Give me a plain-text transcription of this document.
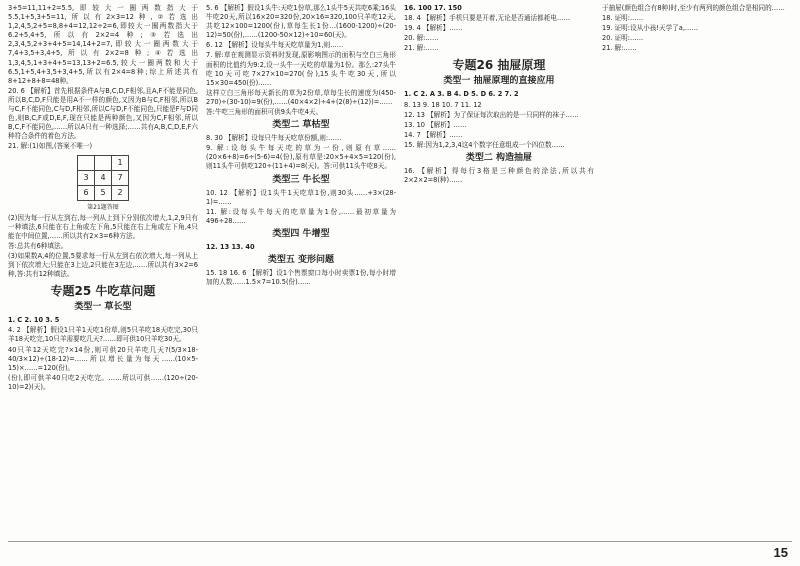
3+5=11,11+2=5.5,即较大一圈两数指大于5.5,1+5,3+5=11,所以有2×3=12种,②若选出1,2,4,5,2+5=8,8+4=12,12÷2=6,即较大一圈两数指大于6.2+5,4+5,所以有2×2=4种;③若选出2,3,4,5,2+3+4+5=14,14+2=7,即较大一圈两数大于7,4+3,5+3,4+5,所以有2×2=8种;④若选出1,3,4,5,1+3+4+5=13,13+2=6.5,较大一圈两数和大于6.5,1+5,4+3,5+3,4+5,所以有2×4=8种;综上所述共有8+12+8+8=48种。

20. 6 【解析】首先根据条件A与B,C,D,F相邻,且A,F不能是同色,所以B,C,D,F只能是用A不一样的颜色,又因为B与C,F相邻,所以B与C,F不能同色,C与D,F相邻,所以C与D,F不能同色,只能是F与D同色,则B,C,F或D,E,F,现在只能是两种颜色,又因为C,F相邻,所以B,C,F不能同色,……所以A只有一种选择;……共有A,B,C,D,E,F六种符合条件的着色方法。

21. 解:(1)如图,(答案不唯一)

		1
3	4	7
6	5	2
第21题答图

(2)因为每一行从左到右,每一列从上到下分别依次增大,1,2,9只有一种填法,6只能在右上角或左下角,5只能在右上角或左下角,4只能在中间位置,……所以共有2×3=6种方法。

答:总共有6种填法。

(3)如果数A,4的位置,5要求每一行从左到右依次增大,每一列从上到下依次增大;只能在3上边,2只能在3左边,……所以共有3×2=6种,答:共有12种填法。

专题25 牛吃草问题
类型一 草长型

1. C 2. 10 3. 5

4. 2 【解析】假设1只羊1天吃1份草,则5只羊吃18天吃完,30只羊18天吃完,10只羊需要吃几天?……即可供10只羊吃30天。

40只羊12天吃完?×14份,则可供20只羊吃几天?(5/3×18-40/3×12)÷(18-12)=……所以增长量为每天……(10×5-15)×……=120(份)。

(份),即可供羊40只吃2天吃完。……所以可供……(120÷(20-10)=2)(天)。

5. 6 【解析】假设1头牛:天吃1份草,那么1头牛5天共吃6乘;16头牛吃20天,所以16×20=320份,20×16=320,100只羊吃12天,共吃12×100=1200(份),草每生长1份…(1600-1200)÷(20-12)=50(份),……(1200-50×12)÷10=60(天)。

6. 12 【解析】设每头牛每天吃草量为1,则……

7. 解:草在观测显示资料时发现,原影响图示的面积与空白三角形面积的比值约为9:2,设一头牛一天吃的草量为1份。那么:27头牛吃10天可吃7×27×10=270(份),15头牛吃30天,所以15×30=450(份)……

这样立白三角形每天新长的草为2份草,草每生长的速度为(450-270)÷(30-10)=9(份),……(40×4×2)÷4+(2(8)÷(12))=……

答:牛吃三角形的面积可供9头牛吃4天。

类型二 草枯型

8. 30 【解析】设每只牛每天吃草份额,则:……

9. 解:设每头牛每天吃的草为一份,则原有草……(20×6+8)=6÷(5-6)=4(份),原有草是:20×5+4×5=120(份),则11头牛可供吃120÷(11+4)=8(天)。答:可供11头牛吃8天。

类型三 牛长型

10. 12 【解析】设1头牛1天吃草1份,则30头……+3×(28-1)=……

11. 解:设每头牛每天的吃草量为1份,……最初草量为496÷28……

类型四 牛增型

12. 13 13. 40

类型五 变形问题

15. 18 16. 6 【解析】设1个售票窗口每小时卖票1份,每小时增加的人数……1.5×7=10.5(份)……

16. 100 17. 150

18. 4 【解析】手机只要是开着,无论是否通话都耗电……

19. 4 【解析】……

20. 解:……

21. 解:……

专题26 抽屉原理
类型一 抽屉原理的直接应用

1. C 2. A 3. B 4. D 5. D 6. 2 7. 2

8. 13 9. 18 10. 7 11. 12

12. 13 【解析】为了保证每次取出的是一只同样的袜子……

13. 10 【解析】……

14. 7 【解析】……

15. 解:因为1,2,3,4这4个数字任意组成一个四位数……

类型二 构造抽屉

16. 【解析】得每行3格是三种颜色的涂法,所以共有2×2×2=8(种)……

于抽屉(颜色组合有8种)时,至少有两列的颜色组合是相同的……

18. 证明:……

19. 证明:设从小孩!天学了a,……

20. 证明:……

21. 解:……

15
